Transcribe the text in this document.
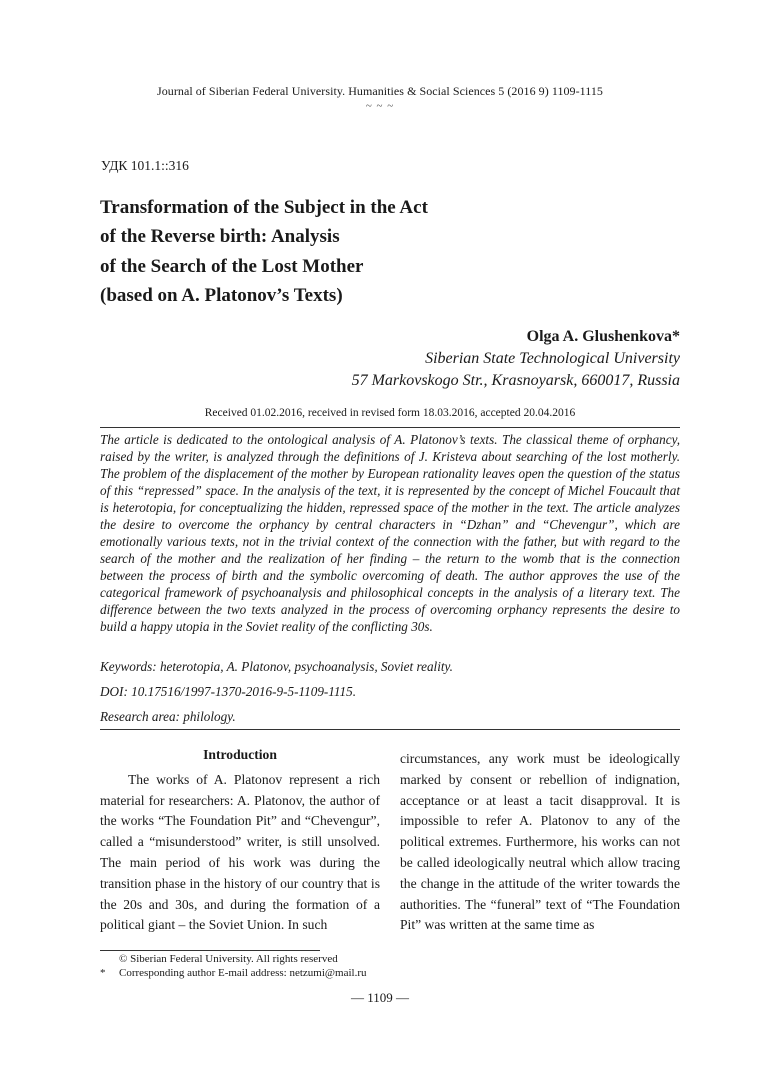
Journal of Siberian Federal University. Humanities & Social Sciences 5 (2016 9) 1109-1115
~ ~ ~
УДК 101.1::316
Transformation of the Subject in the Act
of the Reverse birth: Analysis
of the Search of the Lost Mother
(based on A. Platonov’s Texts)
Olga A. Glushenkova*
Siberian State Technological University
57 Markovskogo Str., Krasnoyarsk, 660017, Russia
Received 01.02.2016, received in revised form 18.03.2016, accepted 20.04.2016

The article is dedicated to the ontological analysis of A. Platonov’s texts. The classical theme of orphancy, raised by the writer, is analyzed through the definitions of J. Kristeva about searching of the lost motherly. The problem of the displacement of the mother by European rationality leaves open the question of the status of this “repressed” space. In the analysis of the text, it is represented by the concept of Michel Foucault that is heterotopia, for conceptualizing the hidden, repressed space of the mother in the text. The article analyzes the desire to overcome the orphancy by central characters in “Dzhan” and “Chevengur”, which are emotionally various texts, not in the trivial context of the connection with the father, but with regard to the search of the mother and the realization of her finding – the return to the womb that is the connection between the process of birth and the symbolic overcoming of death. The author approves the use of the categorical framework of psychoanalysis and philosophical concepts in the analysis of a literary text. The difference between the two texts analyzed in the process of overcoming orphancy represents the desire to build a happy utopia in the Soviet reality of the conflicting 30s.

Keywords: heterotopia, A. Platonov, psychoanalysis, Soviet reality.
DOI: 10.17516/1997-1370-2016-9-5-1109-1115.
Research area: philology.
Introduction

The works of A. Platonov represent a rich material for researchers: A. Platonov, the author of the works “The Foundation Pit” and “Chevengur”, called a “misunderstood” writer, is still unsolved. The main period of his work was during the transition phase in the history of our country that is the 20s and 30s, and during the formation of a political giant – the Soviet Union. In such

circumstances, any work must be ideologically marked by consent or rebellion of indignation, acceptance or at least a tacit disapproval. It is impossible to refer A. Platonov to any of the political extremes. Furthermore, his works can not be called ideologically neutral which allow tracing the change in the attitude of the writer towards the authorities. The “funeral” text of “The Foundation Pit” was written at the same time as

© Siberian Federal University. All rights reserved
* Corresponding author E-mail address: netzumi@mail.ru
— 1109 —
